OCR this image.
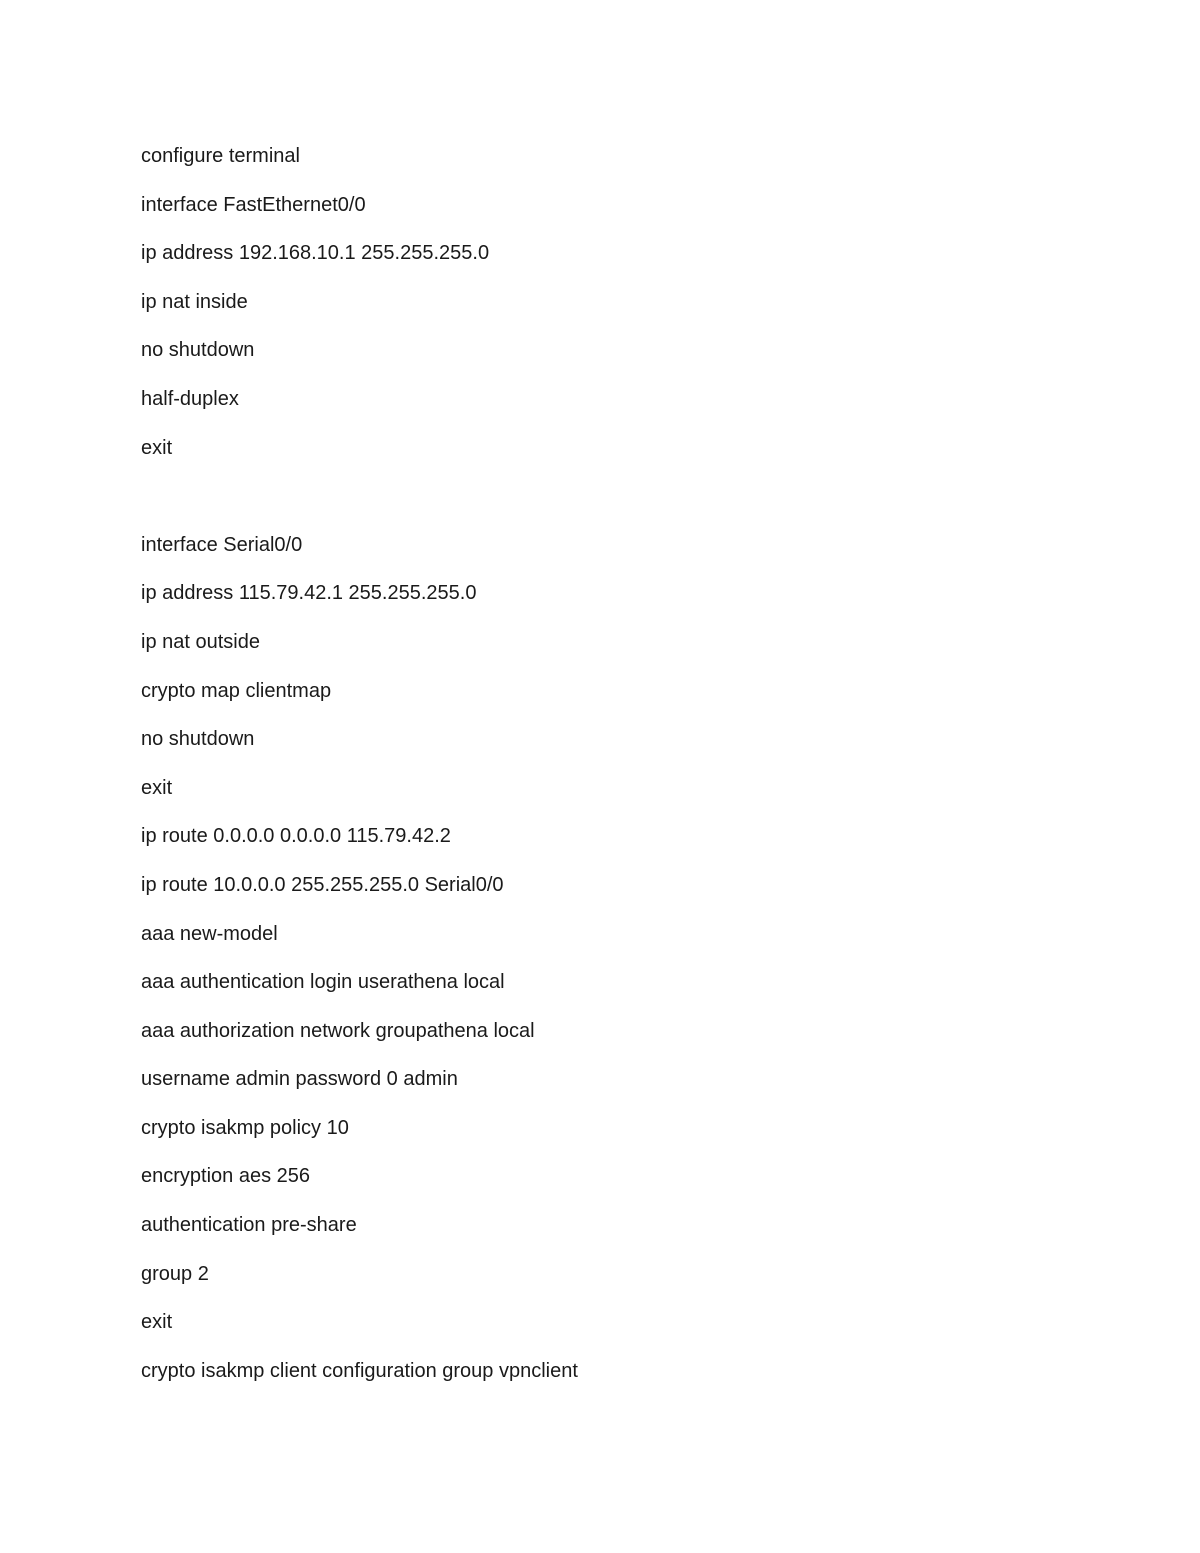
configure terminal
interface FastEthernet0/0
ip address 192.168.10.1 255.255.255.0
ip nat inside
no shutdown
half-duplex
exit
interface Serial0/0
ip address 115.79.42.1 255.255.255.0
ip nat outside
crypto map clientmap
no shutdown
exit
ip route 0.0.0.0 0.0.0.0 115.79.42.2
ip route 10.0.0.0 255.255.255.0 Serial0/0
aaa new-model
aaa authentication login userathena local
aaa authorization network groupathena local
username admin password 0 admin
crypto isakmp policy 10
encryption aes 256
authentication pre-share
group 2
exit
crypto isakmp client configuration group vpnclient
